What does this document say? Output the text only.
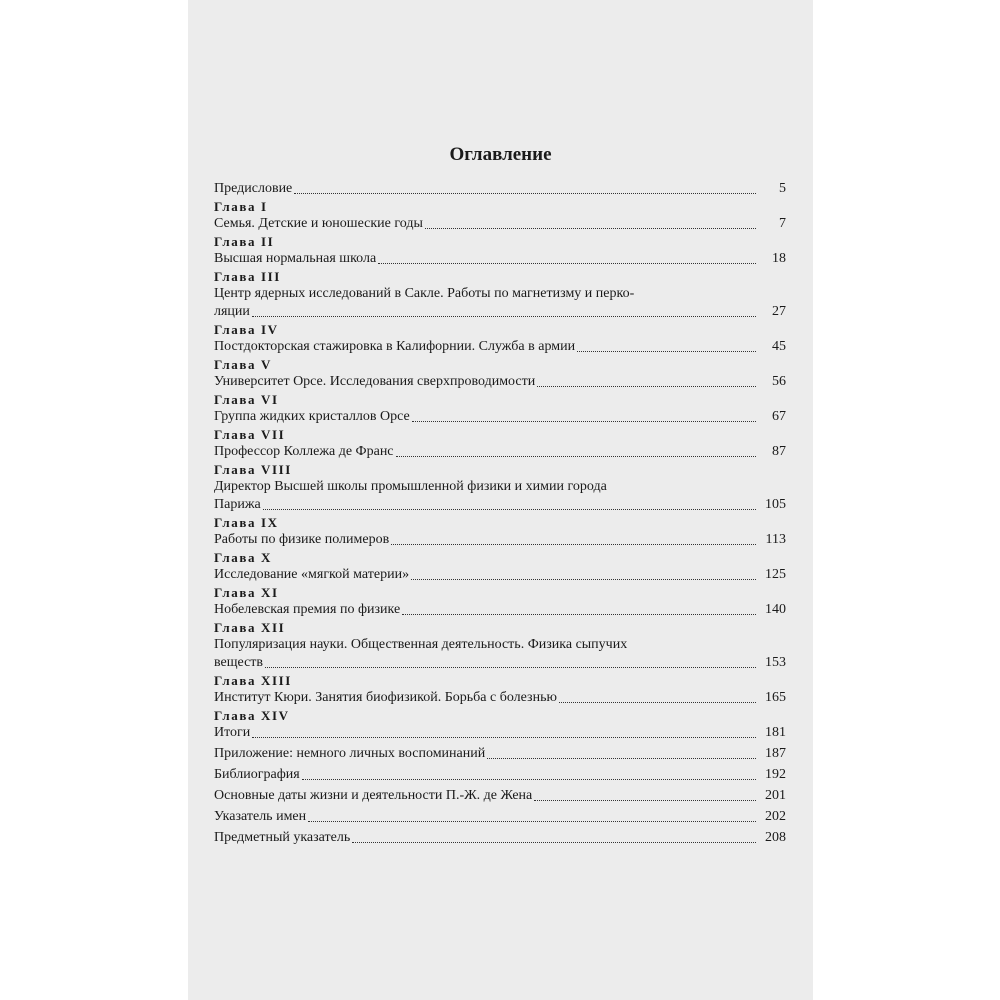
Оглавление
Предисловие	5
Глава I
Семья. Детские и юношеские годы	7
Глава II
Высшая нормальная школа	18
Глава III
Центр ядерных исследований в Сакле. Работы по магнетизму и перко-
ляции	27
Глава IV
Постдокторская стажировка в Калифорнии. Служба в армии	45
Глава V
Университет Орсе. Исследования сверхпроводимости	56
Глава VI
Группа жидких кристаллов Орсе	67
Глава VII
Профессор Коллежа де Франс	87
Глава VIII
Директор Высшей школы промышленной физики и химии города
Парижа	105
Глава IX
Работы по физике полимеров	113
Глава X
Исследование «мягкой материи»	125
Глава XI
Нобелевская премия по физике	140
Глава XII
Популяризация науки. Общественная деятельность. Физика сыпучих
веществ	153
Глава XIII
Институт Кюри. Занятия биофизикой. Борьба с болезнью	165
Глава XIV
Итоги	181
Приложение: немного личных воспоминаний	187
Библиография	192
Основные даты жизни и деятельности П.-Ж. де Жена	201
Указатель имен	202
Предметный указатель	208
